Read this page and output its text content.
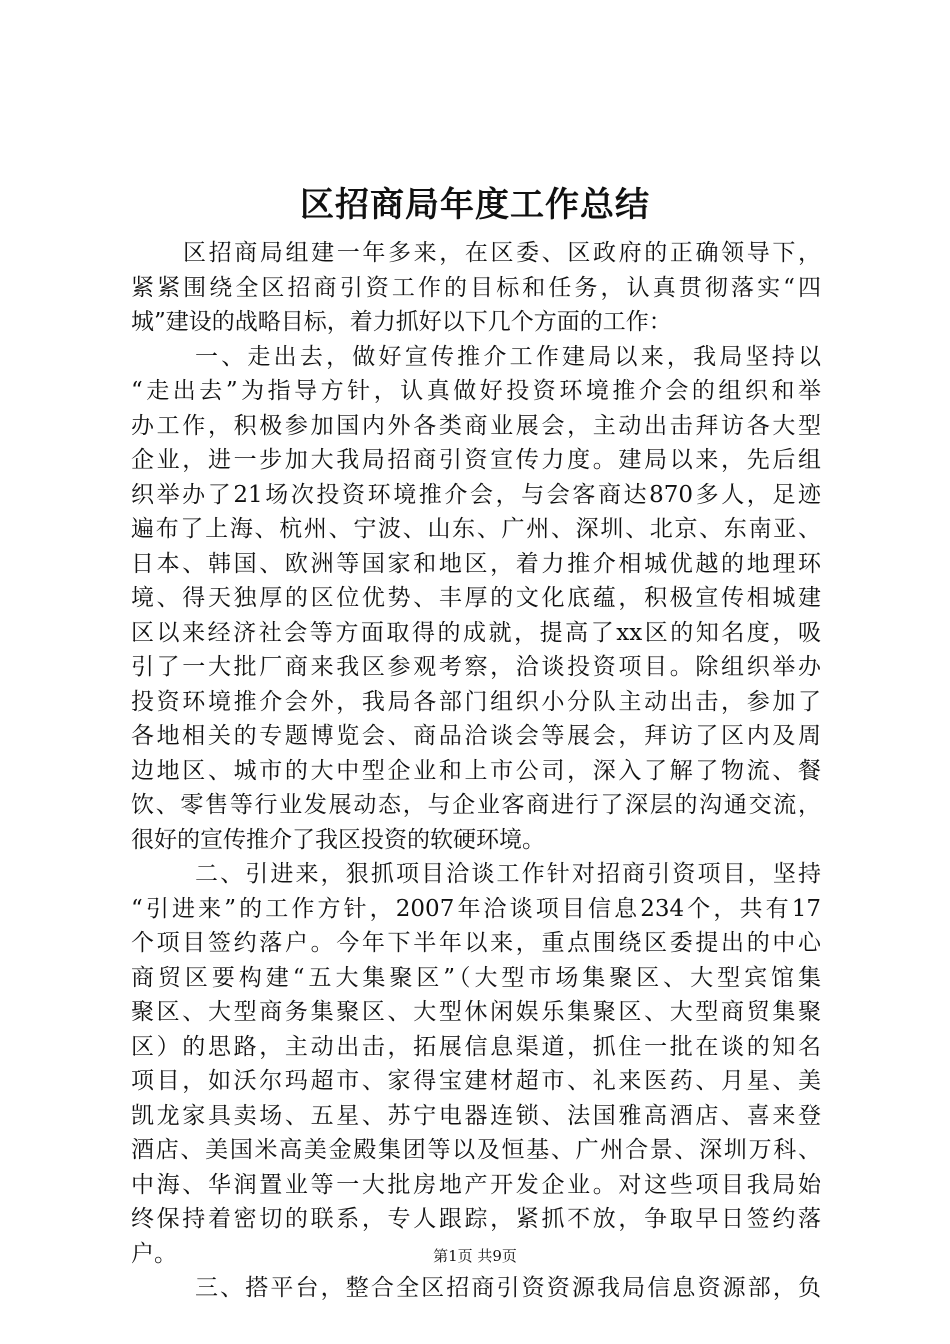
区招商局年度工作总结
区招商局组建一年多来，在区委、区政府的正确领导下，
紧紧围绕全区招商引资工作的目标和任务，认真贯彻落实“四
城”建设的战略目标，着力抓好以下几个方面的工作：
一、走出去，做好宣传推介工作建局以来，我局坚持以
“走出去”为指导方针，认真做好投资环境推介会的组织和举
办工作，积极参加国内外各类商业展会，主动出击拜访各大型
企业，进一步加大我局招商引资宣传力度。建局以来，先后组
织举办了21场次投资环境推介会，与会客商达870多人，足迹
遍布了上海、杭州、宁波、山东、广州、深圳、北京、东南亚、
日本、韩国、欧洲等国家和地区，着力推介相城优越的地理环
境、得天独厚的区位优势、丰厚的文化底蕴，积极宣传相城建
区以来经济社会等方面取得的成就，提高了xx区的知名度，吸
引了一大批厂商来我区参观考察，洽谈投资项目。除组织举办
投资环境推介会外，我局各部门组织小分队主动出击，参加了
各地相关的专题博览会、商品洽谈会等展会，拜访了区内及周
边地区、城市的大中型企业和上市公司，深入了解了物流、餐
饮、零售等行业发展动态，与企业客商进行了深层的沟通交流，
很好的宣传推介了我区投资的软硬环境。
二、引进来，狠抓项目洽谈工作针对招商引资项目，坚持
“引进来”的工作方针，2007年洽谈项目信息234个，共有17
个项目签约落户。今年下半年以来，重点围绕区委提出的中心
商贸区要构建“五大集聚区”（大型市场集聚区、大型宾馆集
聚区、大型商务集聚区、大型休闲娱乐集聚区、大型商贸集聚
区）的思路，主动出击，拓展信息渠道，抓住一批在谈的知名
项目，如沃尔玛超市、家得宝建材超市、礼来医药、月星、美
凯龙家具卖场、五星、苏宁电器连锁、法国雅高酒店、喜来登
酒店、美国米高美金殿集团等以及恒基、广州合景、深圳万科、
中海、华润置业等一大批房地产开发企业。对这些项目我局始
终保持着密切的联系，专人跟踪，紧抓不放，争取早日签约落
户。
三、搭平台，整合全区招商引资资源我局信息资源部，负
第1页 共9页
